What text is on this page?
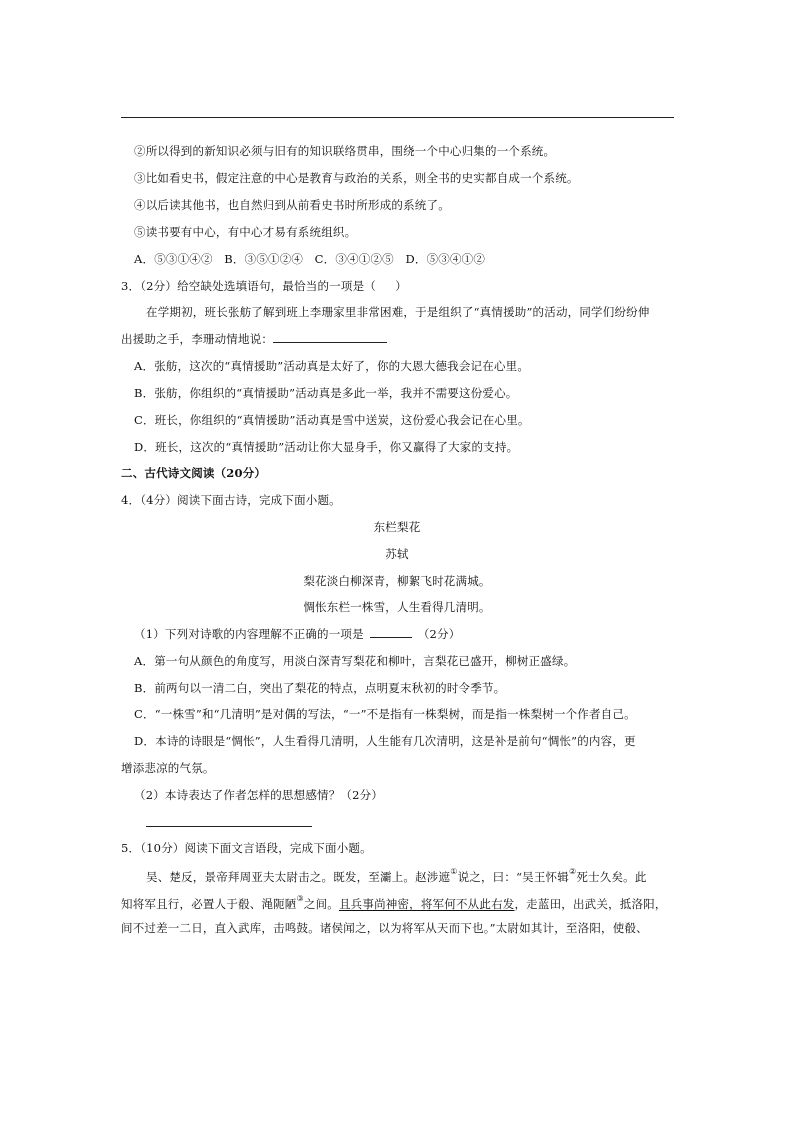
②所以得到的新知识必须与旧有的知识联络贯串，围绕一个中心归集的一个系统。
③比如看史书，假定注意的中心是教育与政治的关系，则全书的史实都自成一个系统。
④以后读其他书，也自然归到从前看史书时所形成的系统了。
⑤读书要有中心，有中心才易有系统组织。
A．⑤③①④②   B．③⑤①②④   C．③④①②⑤   D．⑤③④①②
3．（2分）给空缺处选填语句，最恰当的一项是（     ）
在学期初，班长张舫了解到班上李珊家里非常困难，于是组织了“真情援助”的活动，同学们纷纷伸
出援助之手，李珊动情地说：
A．张舫，这次的“真情援助”活动真是太好了，你的大恩大德我会记在心里。
B．张舫，你组织的“真情援助”活动真是多此一举，我并不需要这份爱心。
C．班长，你组织的“真情援助”活动真是雪中送炭，这份爱心我会记在心里。
D．班长，这次的“真情援助”活动让你大显身手，你又赢得了大家的支持。
二、古代诗文阅读（20分）
4．（4分）阅读下面古诗，完成下面小题。
东栏梨花
苏轼
梨花淡白柳深青，柳絮飞时花满城。
惆怅东栏一株雪，人生看得几清明。
（1）下列对诗歌的内容理解不正确的一项是	（2分）
A．第一句从颜色的角度写，用淡白深青写梨花和柳叶，言梨花已盛开，柳树正盛绿。
B．前两句以一清二白，突出了梨花的特点，点明夏末秋初的时令季节。
C．“一株雪”和“几清明”是对偶的写法，“一”不是指有一株梨树，而是指一株梨树一个作者自己。
D．本诗的诗眼是“惆怅”，人生看得几清明，人生能有几次清明，这是补是前句“惆怅”的内容，更
增添悲凉的气氛。
（2）本诗表达了作者怎样的思想感情？（2分）
5．（10分）阅读下面文言语段，完成下面小题。
吴、楚反，景帝拜周亚夫太尉击之。既发，至灞上。赵涉遮①说之，曰：“吴王怀辑②死士久矣。此
知将军且行，必置人于殽、渑阨陋③之间。且兵事尚神密，将军何不从此右发，走蓝田，出武关，抵洛阳，
间不过差一二日，直入武库，击鸣鼓。诸侯闻之，以为将军从天而下也。”太尉如其计，至洛阳，使殽、
